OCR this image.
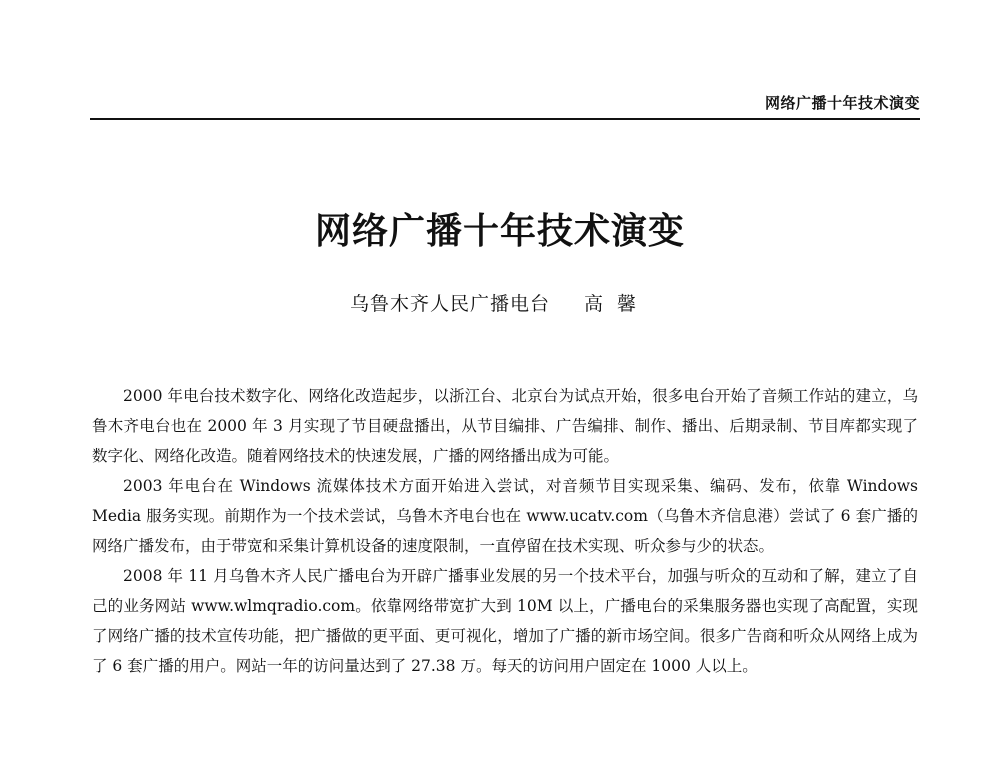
网络广播十年技术演变
网络广播十年技术演变
乌鲁木齐人民广播电台 高馨

2000 年电台技术数字化、网络化改造起步，以浙江台、北京台为试点开始，很多电台开始了音频工作站的建立，乌鲁木齐电台也在 2000 年 3 月实现了节目硬盘播出，从节目编排、广告编排、制作、播出、后期录制、节目库都实现了数字化、网络化改造。随着网络技术的快速发展，广播的网络播出成为可能。

2003 年电台在 Windows 流媒体技术方面开始进入尝试，对音频节目实现采集、编码、发布，依靠 Windows Media 服务实现。前期作为一个技术尝试，乌鲁木齐电台也在 www.ucatv.com（乌鲁木齐信息港）尝试了 6 套广播的网络广播发布，由于带宽和采集计算机设备的速度限制，一直停留在技术实现、听众参与少的状态。

2008 年 11 月乌鲁木齐人民广播电台为开辟广播事业发展的另一个技术平台，加强与听众的互动和了解，建立了自己的业务网站 www.wlmqradio.com。依靠网络带宽扩大到 10M 以上，广播电台的采集服务器也实现了高配置，实现了网络广播的技术宣传功能，把广播做的更平面、更可视化，增加了广播的新市场空间。很多广告商和听众从网络上成为了 6 套广播的用户。网站一年的访问量达到了 27.38 万。每天的访问用户固定在 1000 人以上。
